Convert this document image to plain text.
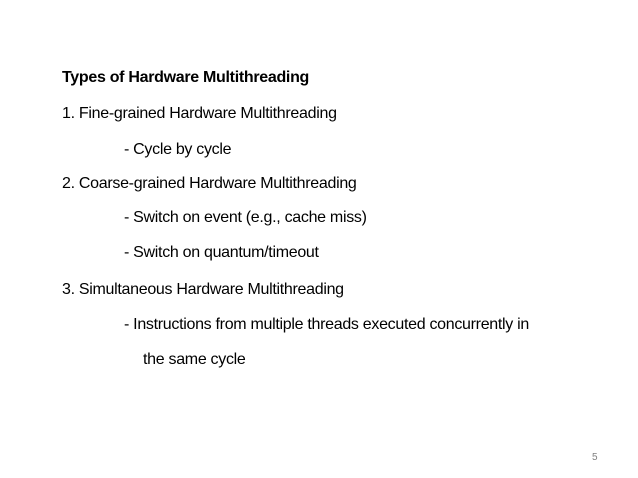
Types of Hardware Multithreading
1. Fine-grained Hardware Multithreading
- Cycle by cycle
2. Coarse-grained Hardware Multithreading
- Switch on event (e.g., cache miss)
- Switch on quantum/timeout
3. Simultaneous Hardware Multithreading
- Instructions from multiple threads executed concurrently in
the same cycle
5
